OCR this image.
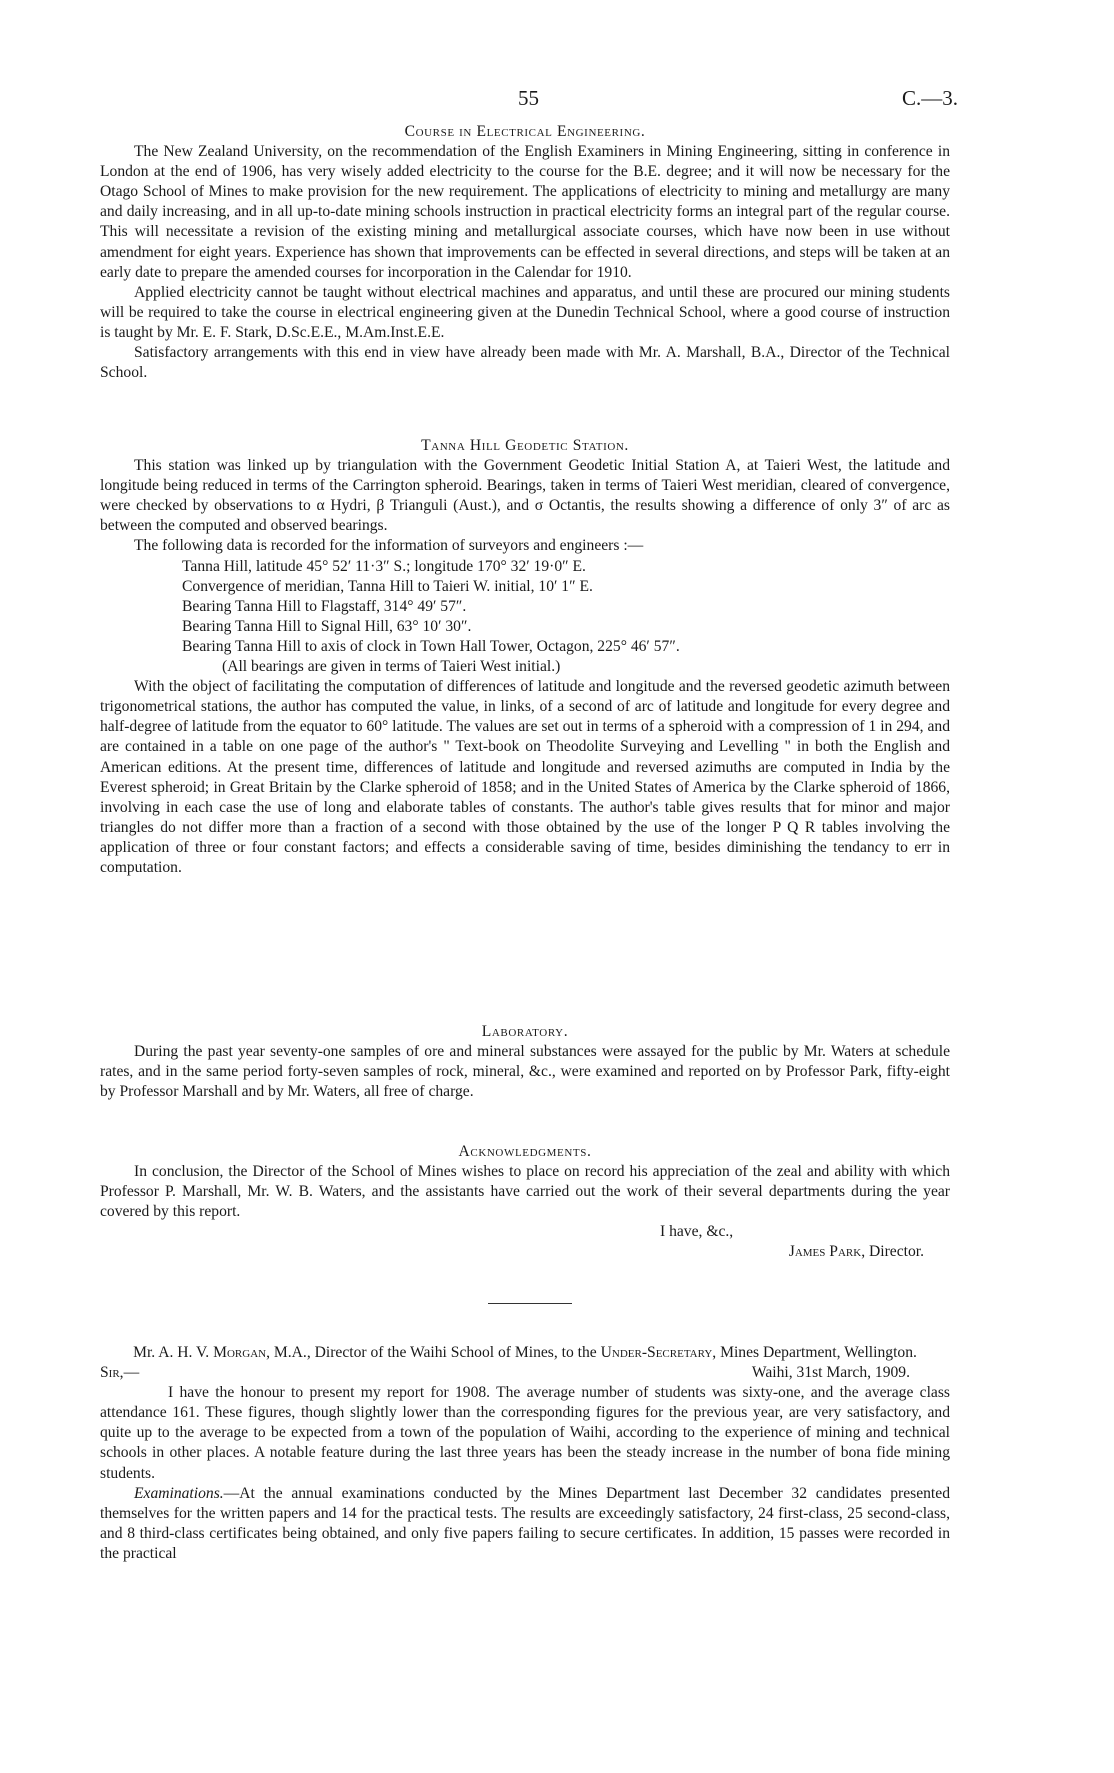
55	C.—3.

Course in Electrical Engineering.

The New Zealand University, on the recommendation of the English Examiners in Mining Engineering, sitting in conference in London at the end of 1906, has very wisely added electricity to the course for the B.E. degree; and it will now be necessary for the Otago School of Mines to make provision for the new requirement. The applications of electricity to mining and metallurgy are many and daily increasing, and in all up-to-date mining schools instruction in practical electricity forms an integral part of the regular course. This will necessitate a revision of the existing mining and metallurgical associate courses, which have now been in use without amendment for eight years. Experience has shown that improvements can be effected in several directions, and steps will be taken at an early date to prepare the amended courses for incorporation in the Calendar for 1910.

Applied electricity cannot be taught without electrical machines and apparatus, and until these are procured our mining students will be required to take the course in electrical engineering given at the Dunedin Technical School, where a good course of instruction is taught by Mr. E. F. Stark, D.Sc.E.E., M.Am.Inst.E.E.

Satisfactory arrangements with this end in view have already been made with Mr. A. Marshall, B.A., Director of the Technical School.

Tanna Hill Geodetic Station.

This station was linked up by triangulation with the Government Geodetic Initial Station A, at Taieri West, the latitude and longitude being reduced in terms of the Carrington spheroid. Bearings, taken in terms of Taieri West meridian, cleared of convergence, were checked by observations to α Hydri, β Trianguli (Aust.), and σ Octantis, the results showing a difference of only 3″ of arc as between the computed and observed bearings.

The following data is recorded for the information of surveyors and engineers :—

Tanna Hill, latitude 45° 52′ 11·3″ S.; longitude 170° 32′ 19·0″ E.
Convergence of meridian, Tanna Hill to Taieri W. initial, 10′ 1″ E.
Bearing Tanna Hill to Flagstaff, 314° 49′ 57″.
Bearing Tanna Hill to Signal Hill, 63° 10′ 30″.
Bearing Tanna Hill to axis of clock in Town Hall Tower, Octagon, 225° 46′ 57″.
(All bearings are given in terms of Taieri West initial.)

With the object of facilitating the computation of differences of latitude and longitude and the reversed geodetic azimuth between trigonometrical stations, the author has computed the value, in links, of a second of arc of latitude and longitude for every degree and half-degree of latitude from the equator to 60° latitude. The values are set out in terms of a spheroid with a compression of 1 in 294, and are contained in a table on one page of the author's " Text-book on Theodolite Surveying and Levelling " in both the English and American editions. At the present time, differences of latitude and longitude and reversed azimuths are computed in India by the Everest spheroid; in Great Britain by the Clarke spheroid of 1858; and in the United States of America by the Clarke spheroid of 1866, involving in each case the use of long and elaborate tables of constants. The author's table gives results that for minor and major triangles do not differ more than a fraction of a second with those obtained by the use of the longer P Q R tables involving the application of three or four constant factors; and effects a considerable saving of time, besides diminishing the tendancy to err in computation.

Laboratory.

During the past year seventy-one samples of ore and mineral substances were assayed for the public by Mr. Waters at schedule rates, and in the same period forty-seven samples of rock, mineral, &c., were examined and reported on by Professor Park, fifty-eight by Professor Marshall and by Mr. Waters, all free of charge.

Acknowledgments.

In conclusion, the Director of the School of Mines wishes to place on record his appreciation of the zeal and ability with which Professor P. Marshall, Mr. W. B. Waters, and the assistants have carried out the work of their several departments during the year covered by this report.

I have, &c.,

James Park, Director.

Mr. A. H. V. Morgan, M.A., Director of the Waihi School of Mines, to the Under-Secretary, Mines Department, Wellington.

Sir,—	Waihi, 31st March, 1909.

I have the honour to present my report for 1908. The average number of students was sixty-one, and the average class attendance 161. These figures, though slightly lower than the corresponding figures for the previous year, are very satisfactory, and quite up to the average to be expected from a town of the population of Waihi, according to the experience of mining and technical schools in other places. A notable feature during the last three years has been the steady increase in the number of bona fide mining students.

Examinations.—At the annual examinations conducted by the Mines Department last December 32 candidates presented themselves for the written papers and 14 for the practical tests. The results are exceedingly satisfactory, 24 first-class, 25 second-class, and 8 third-class certificates being obtained, and only five papers failing to secure certificates. In addition, 15 passes were recorded in the practical
